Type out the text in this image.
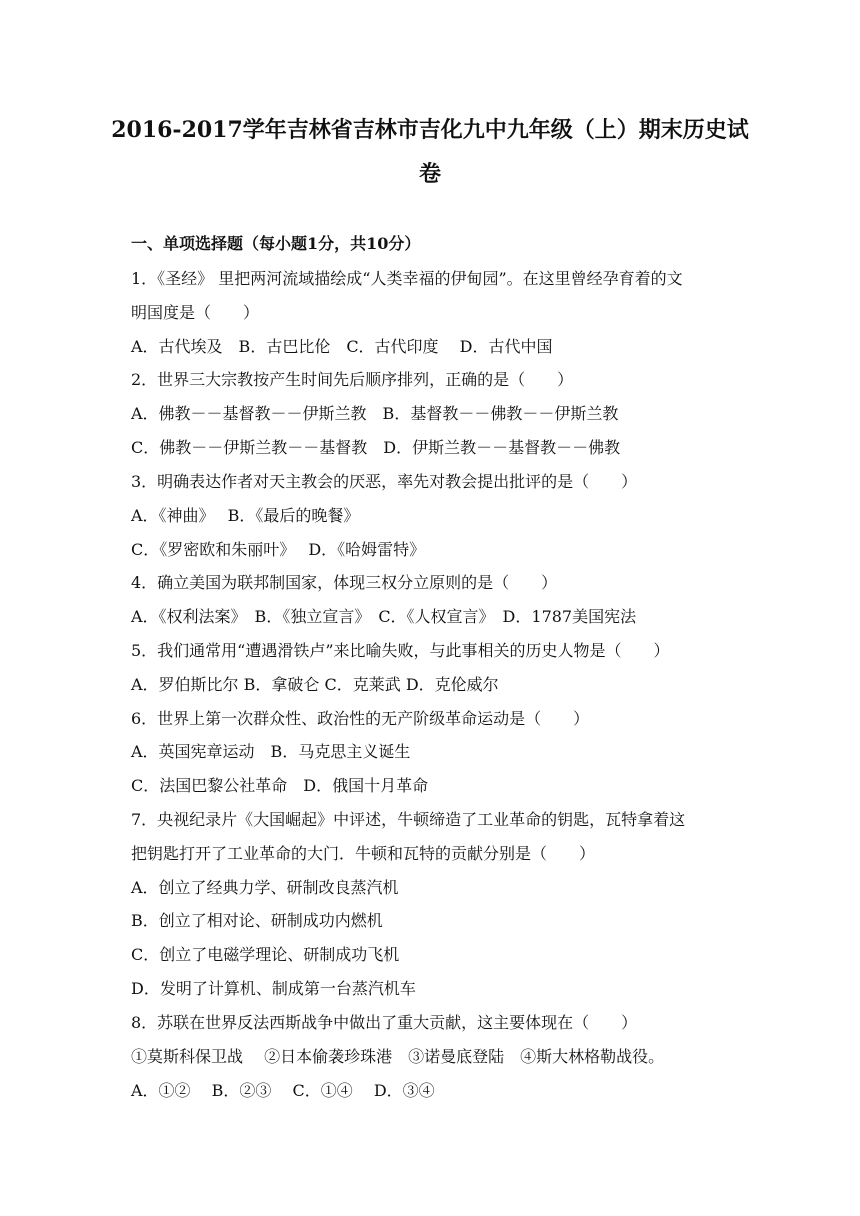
2016-2017学年吉林省吉林市吉化九中九年级（上）期末历史试
卷
一、单项选择题（每小题1分，共10分）
1．《圣经》 里把两河流域描绘成“人类幸福的伊甸园”。在这里曾经孕育着的文
明国度是（　　）
A．古代埃及　B．古巴比伦　C．古代印度　 D．古代中国
2．世界三大宗教按产生时间先后顺序排列，正确的是（　　）
A．佛教－－基督教－－伊斯兰教　B．基督教－－佛教－－伊斯兰教
C．佛教－－伊斯兰教－－基督教　D．伊斯兰教－－基督教－－佛教
3．明确表达作者对天主教会的厌恶，率先对教会提出批评的是（　　）
A．《神曲》　 B．《最后的晚餐》
C．《罗密欧和朱丽叶》　 D．《哈姆雷特》
4．确立美国为联邦制国家，体现三权分立原则的是（　　）
A．《权利法案》　B．《独立宣言》　C．《人权宣言》　D．1787美国宪法
5．我们通常用“遭遇滑铁卢”来比喻失败，与此事相关的历史人物是（　　）
A．罗伯斯比尔 B．拿破仑 C．克莱武 D．克伦威尔
6．世界上第一次群众性、政治性的无产阶级革命运动是（　　）
A．英国宪章运动　B．马克思主义诞生
C．法国巴黎公社革命　D．俄国十月革命
7．央视纪录片《大国崛起》中评述，牛顿缔造了工业革命的钥匙，瓦特拿着这
把钥匙打开了工业革命的大门．牛顿和瓦特的贡献分别是（　　）
A．创立了经典力学、研制改良蒸汽机
B．创立了相对论、研制成功内燃机
C．创立了电磁学理论、研制成功飞机
D．发明了计算机、制成第一台蒸汽机车
8．苏联在世界反法西斯战争中做出了重大贡献，这主要体现在（　　）
①莫斯科保卫战　 ②日本偷袭珍珠港　③诺曼底登陆　④斯大林格勒战役。
A．①②　 B．②③　 C．①④　 D．③④
